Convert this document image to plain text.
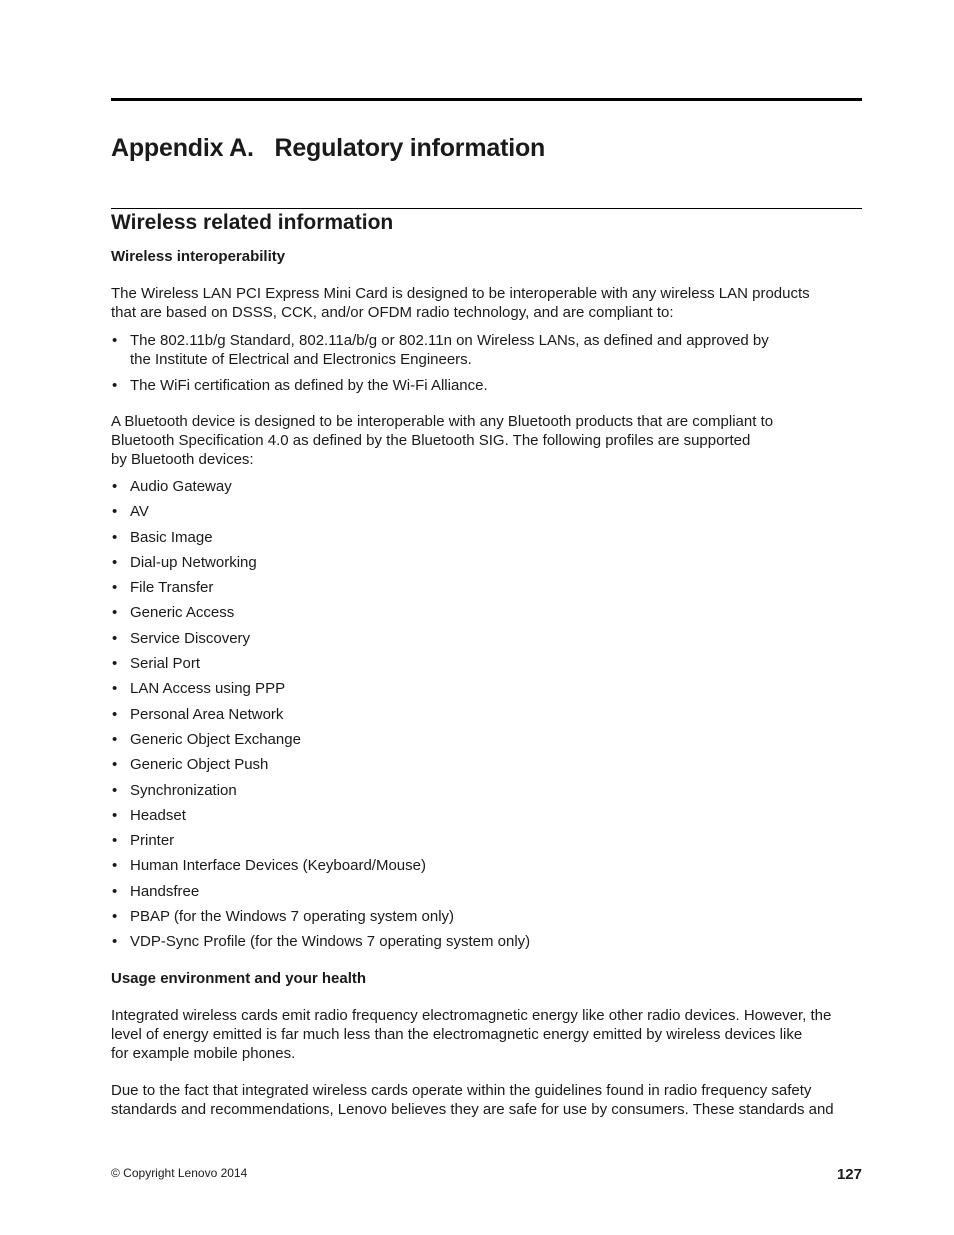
Appendix A. Regulatory information
Wireless related information
Wireless interoperability

The Wireless LAN PCI Express Mini Card is designed to be interoperable with any wireless LAN products
that are based on DSSS, CCK, and/or OFDM radio technology, and are compliant to:

• The 802.11b/g Standard, 802.11a/b/g or 802.11n on Wireless LANs, as defined and approved by
the Institute of Electrical and Electronics Engineers.
• The WiFi certification as defined by the Wi-Fi Alliance.

A Bluetooth device is designed to be interoperable with any Bluetooth products that are compliant to
Bluetooth Specification 4.0 as defined by the Bluetooth SIG. The following profiles are supported
by Bluetooth devices:

• Audio Gateway
• AV
• Basic Image
• Dial-up Networking
• File Transfer
• Generic Access
• Service Discovery
• Serial Port
• LAN Access using PPP
• Personal Area Network
• Generic Object Exchange
• Generic Object Push
• Synchronization
• Headset
• Printer
• Human Interface Devices (Keyboard/Mouse)
• Handsfree
• PBAP (for the Windows 7 operating system only)
• VDP-Sync Profile (for the Windows 7 operating system only)
Usage environment and your health

Integrated wireless cards emit radio frequency electromagnetic energy like other radio devices. However, the
level of energy emitted is far much less than the electromagnetic energy emitted by wireless devices like
for example mobile phones.

Due to the fact that integrated wireless cards operate within the guidelines found in radio frequency safety
standards and recommendations, Lenovo believes they are safe for use by consumers. These standards and

© Copyright Lenovo 2014	127
